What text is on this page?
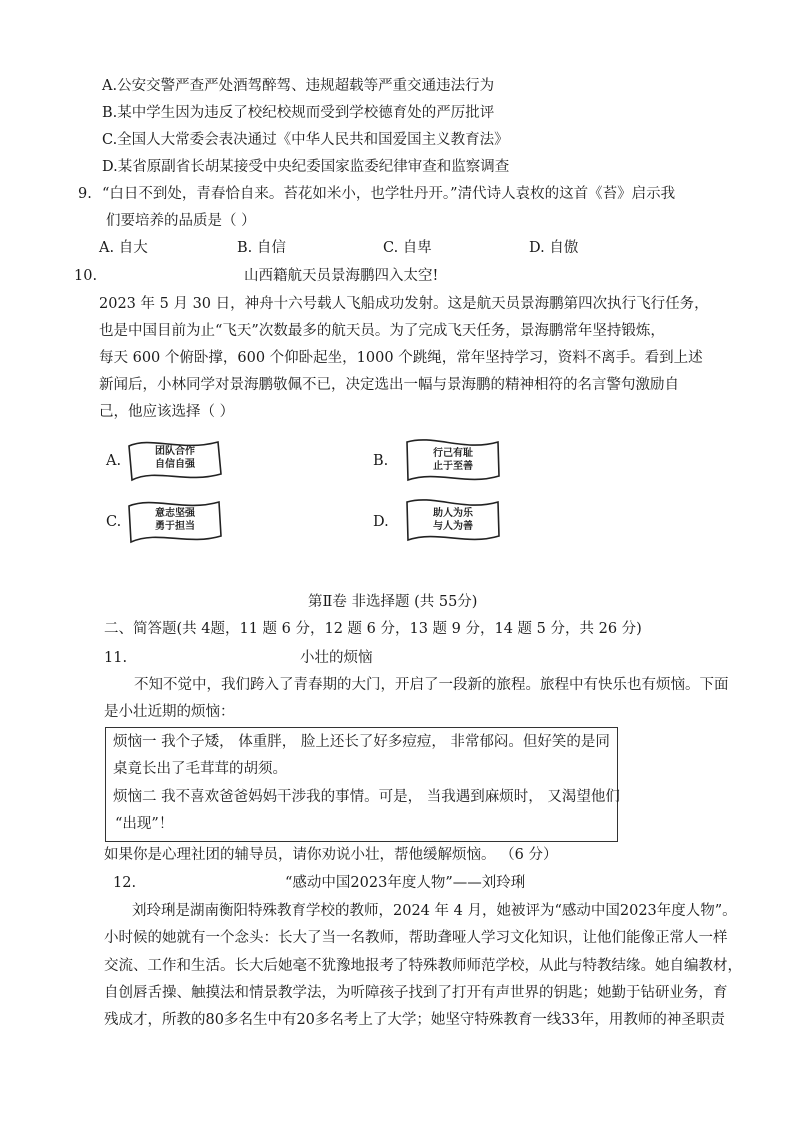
A.公安交警严查严处酒驾醉驾、违规超载等严重交通违法行为
B.某中学生因为违反了校纪校规而受到学校德育处的严厉批评
C.全国人大常委会表决通过《中华人民共和国爱国主义教育法》
D.某省原副省长胡某接受中央纪委国家监委纪律审查和监察调查
9. “白日不到处，青春恰自来。苔花如米小，也学牡丹开。”清代诗人袁枚的这首《苔》启示我
们要培养的品质是（ ）
A. 自大	B. 自信	C. 自卑	D. 自傲
10.	山西籍航天员景海鹏四入太空!
2023 年 5 月 30 日，神舟十六号载人飞船成功发射。这是航天员景海鹏第四次执行飞行任务，
也是中国目前为止“飞天”次数最多的航天员。为了完成飞天任务，景海鹏常年坚持锻炼，
每天 600 个俯卧撑，600 个仰卧起坐，1000 个跳绳，常年坚持学习，资料不离手。看到上述
新闻后，小林同学对景海鹏敬佩不已，决定选出一幅与景海鹏的精神相符的名言警句激励自
己，他应该选择（ ）
A.
团队合作
自信自强	B.	行己有耻
止于至善
C.
意志坚强
勇于担当	D.
助人为乐
与人为善
第Ⅱ卷 非选择题 (共 55分)
二、简答题(共 4题，11 题 6 分，12 题 6 分，13 题 9 分，14 题 5 分，共 26 分)
11.	小壮的烦恼
不知不觉中，我们跨入了青春期的大门，开启了一段新的旅程。旅程中有快乐也有烦恼。下面
是小壮近期的烦恼：
烦恼一 我个子矮， 体重胖， 脸上还长了好多痘痘， 非常郁闷。但好笑的是同
桌竟长出了毛茸茸的胡须。
烦恼二 我不喜欢爸爸妈妈干涉我的事情。可是， 当我遇到麻烦时， 又渴望他们
“出现”！
如果你是心理社团的辅导员，请你劝说小壮，帮他缓解烦恼。 （6 分）
12.	“感动中国2023年度人物”——刘玲琍
刘玲琍是湖南衡阳特殊教育学校的教师，2024 年 4 月，她被评为“感动中国2023年度人物”。
小时候的她就有一个念头：长大了当一名教师，帮助聋哑人学习文化知识，让他们能像正常人一样
交流、工作和生活。长大后她毫不犹豫地报考了特殊教师师范学校，从此与特教结缘。她自编教材，
自创唇舌操、触摸法和情景教学法，为听障孩子找到了打开有声世界的钥匙；她勤于钻研业务，育
残成才，所教的80多名生中有20多名考上了大学；她坚守特殊教育一线33年，用教师的神圣职责
